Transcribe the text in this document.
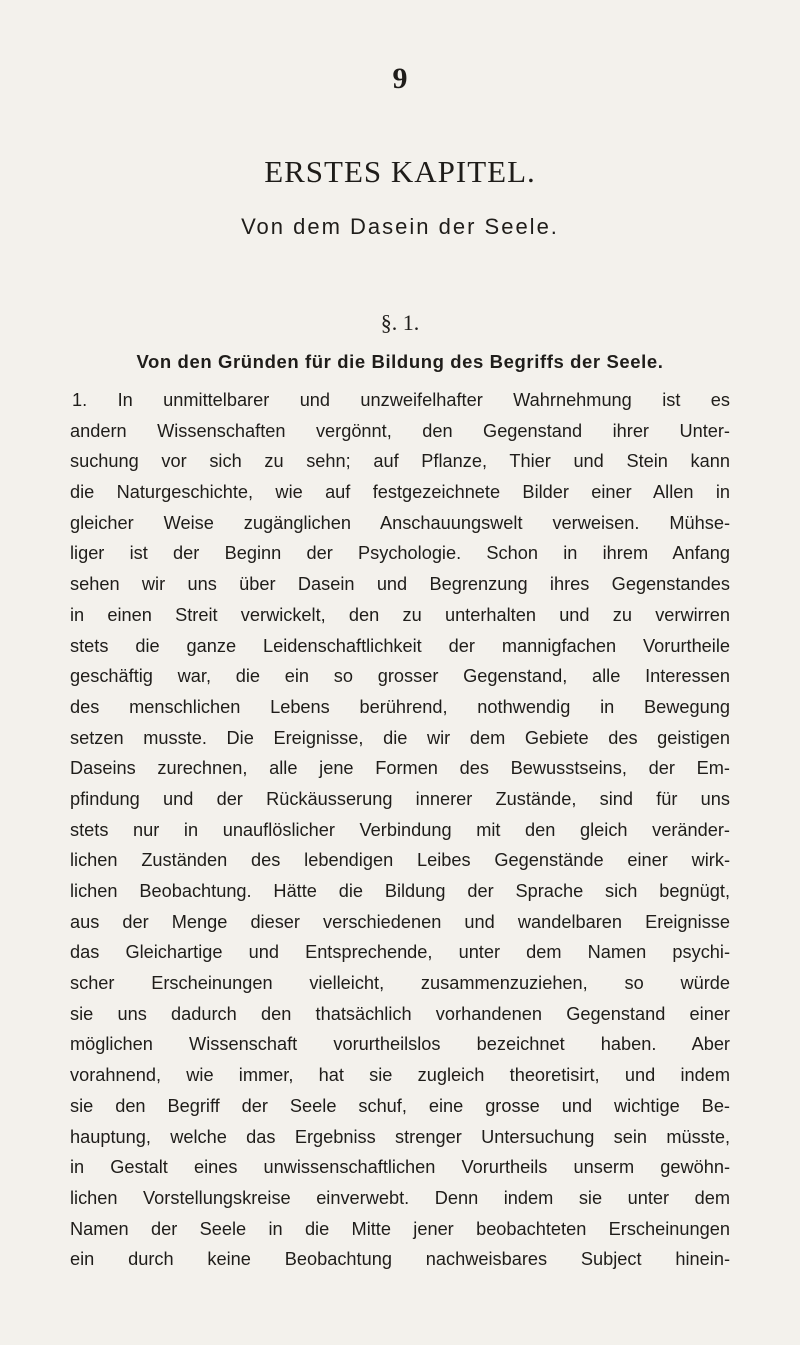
9
ERSTES KAPITEL.
Von dem Dasein der Seele.
§. 1.
Von den Gründen für die Bildung des Begriffs der Seele.
1. In unmittelbarer und unzweifelhafter Wahrnehmung ist es
andern Wissenschaften vergönnt, den Gegenstand ihrer Unter-
suchung vor sich zu sehn; auf Pflanze, Thier und Stein kann
die Naturgeschichte, wie auf festgezeichnete Bilder einer Allen in
gleicher Weise zugänglichen Anschauungswelt verweisen. Mühse-
liger ist der Beginn der Psychologie. Schon in ihrem Anfang
sehen wir uns über Dasein und Begrenzung ihres Gegenstandes
in einen Streit verwickelt, den zu unterhalten und zu verwirren
stets die ganze Leidenschaftlichkeit der mannigfachen Vorurtheile
geschäftig war, die ein so grosser Gegenstand, alle Interessen
des menschlichen Lebens berührend, nothwendig in Bewegung
setzen musste. Die Ereignisse, die wir dem Gebiete des geistigen
Daseins zurechnen, alle jene Formen des Bewusstseins, der Em-
pfindung und der Rückäusserung innerer Zustände, sind für uns
stets nur in unauflöslicher Verbindung mit den gleich veränder-
lichen Zuständen des lebendigen Leibes Gegenstände einer wirk-
lichen Beobachtung. Hätte die Bildung der Sprache sich begnügt,
aus der Menge dieser verschiedenen und wandelbaren Ereignisse
das Gleichartige und Entsprechende, unter dem Namen psychi-
scher Erscheinungen vielleicht, zusammenzuziehen, so würde
sie uns dadurch den thatsächlich vorhandenen Gegenstand einer
möglichen Wissenschaft vorurtheilslos bezeichnet haben. Aber
vorahnend, wie immer, hat sie zugleich theoretisirt, und indem
sie den Begriff der Seele schuf, eine grosse und wichtige Be-
hauptung, welche das Ergebniss strenger Untersuchung sein müsste,
in Gestalt eines unwissenschaftlichen Vorurtheils unserm gewöhn-
lichen Vorstellungskreise einverwebt. Denn indem sie unter dem
Namen der Seele in die Mitte jener beobachteten Erscheinungen
ein durch keine Beobachtung nachweisbares Subject hinein-
